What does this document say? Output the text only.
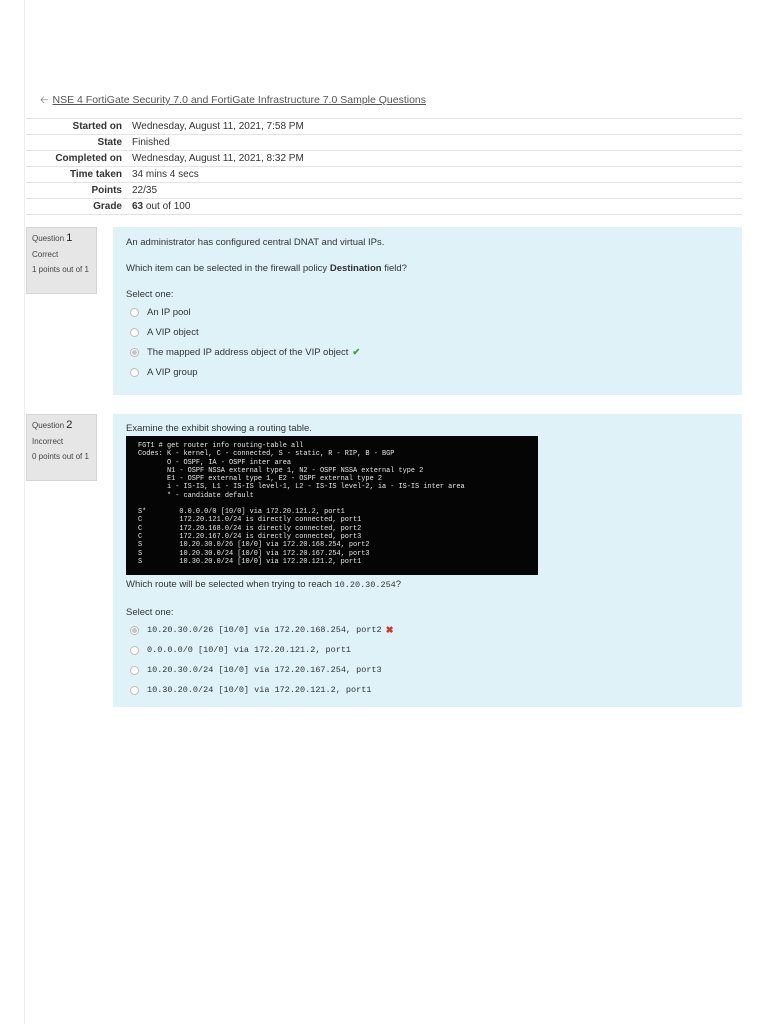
🡠 NSE 4 FortiGate Security 7.0 and FortiGate Infrastructure 7.0 Sample Questions
Started on	Wednesday, August 11, 2021, 7:58 PM
State	Finished
Completed on	Wednesday, August 11, 2021, 8:32 PM
Time taken	34 mins 4 secs
Points	22/35
Grade	63 out of 100
Question 1
Correct
1 points out of 1

An administrator has configured central DNAT and virtual IPs.

Which item can be selected in the firewall policy Destination field?

Select one:

An IP pool
A VIP object
The mapped IP address object of the VIP object ✔
A VIP group
Question 2
Incorrect
0 points out of 1

Examine the exhibit showing a routing table.

FGT1 # get router info routing-table all
Codes: K - kernel, C - connected, S - static, R - RIP, B - BGP
O - OSPF, IA - OSPF inter area
N1 - OSPF NSSA external type 1, N2 - OSPF NSSA external type 2
E1 - OSPF external type 1, E2 - OSPF external type 2
i - IS-IS, L1 - IS-IS level-1, L2 - IS-IS level-2, ia - IS-IS inter area
* - candidate default
S*        0.0.0.0/0 [10/0] via 172.20.121.2, port1
C         172.20.121.0/24 is directly connected, port1
C         172.20.168.0/24 is directly connected, port2
C         172.20.167.0/24 is directly connected, port3
S         10.20.30.0/26 [10/0] via 172.20.168.254, port2
S         10.20.30.0/24 [10/0] via 172.20.167.254, port3
S         10.30.20.0/24 [10/0] via 172.20.121.2, port1

Which route will be selected when trying to reach 10.20.30.254?

Select one:

10.20.30.0/26 [10/0] via 172.20.168.254, port2 ✖
0.0.0.0/0 [10/0] via 172.20.121.2, port1
10.20.30.0/24 [10/0] via 172.20.167.254, port3
10.30.20.0/24 [10/0] via 172.20.121.2, port1
